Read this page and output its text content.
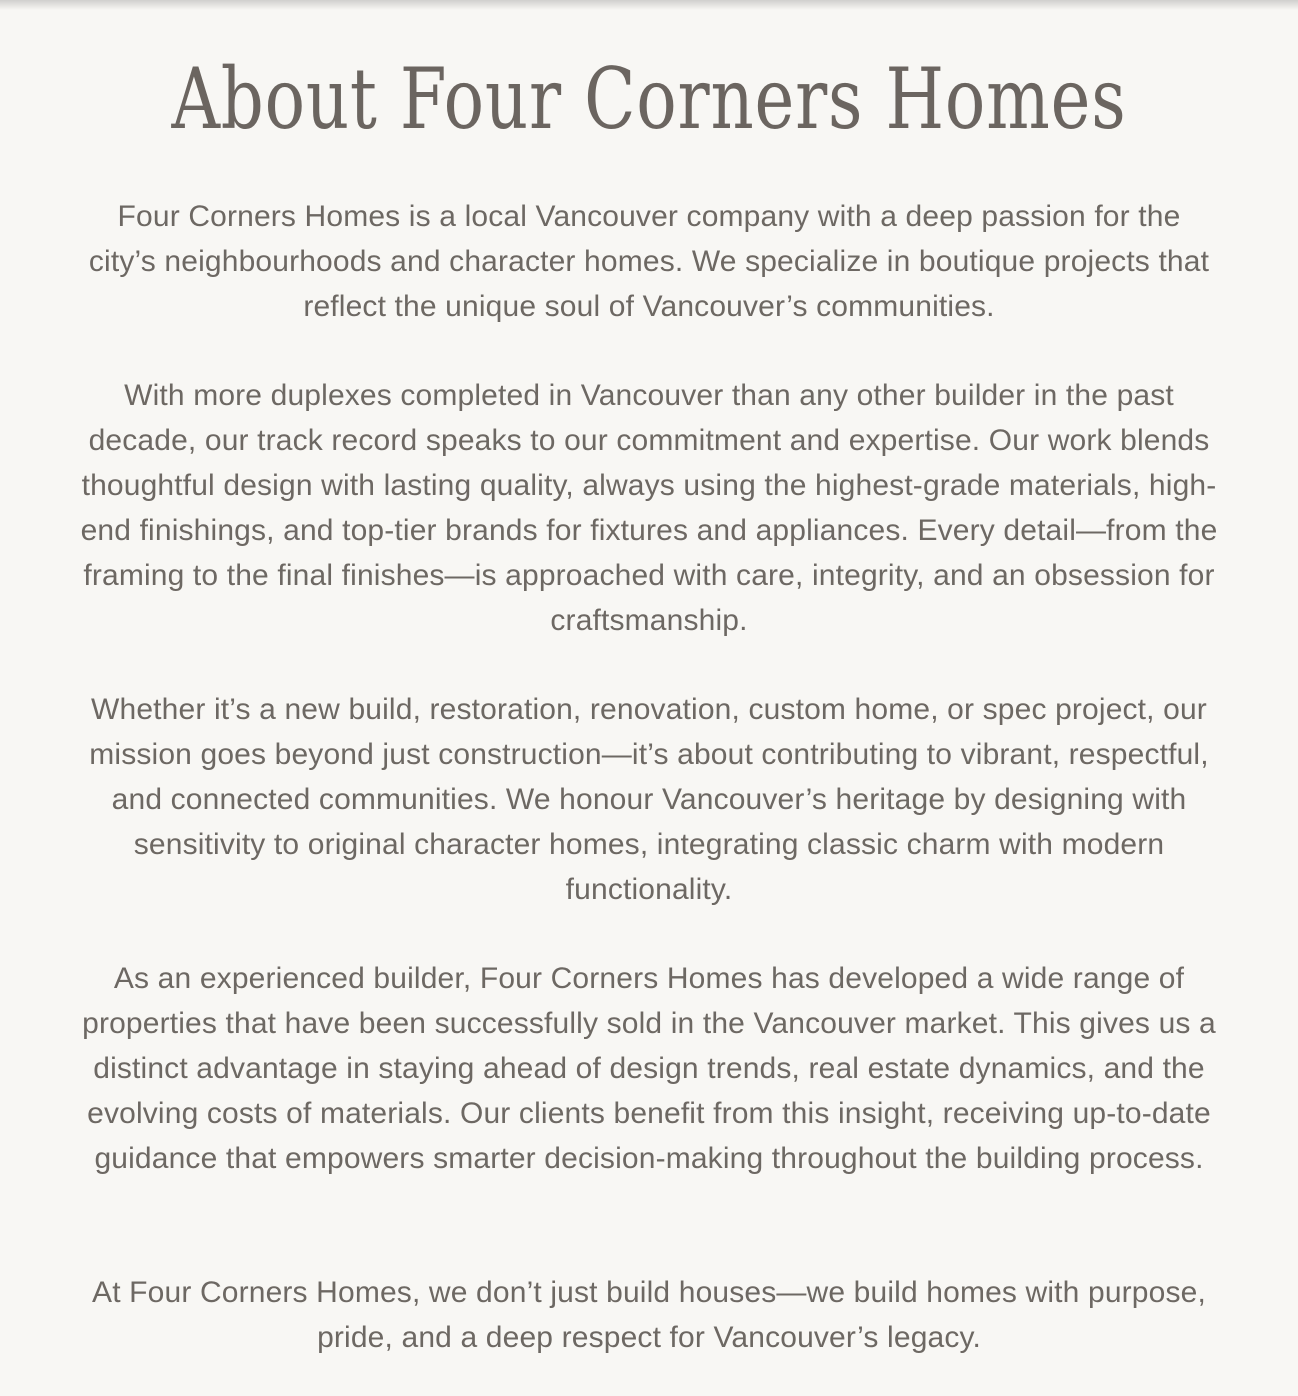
About Four Corners Homes

Four Corners Homes is a local Vancouver company with a deep passion for the city’s neighbourhoods and character homes. We specialize in boutique projects that reflect the unique soul of Vancouver’s communities.

With more duplexes completed in Vancouver than any other builder in the past decade, our track record speaks to our commitment and expertise. Our work blends thoughtful design with lasting quality, always using the highest-grade materials, high-end finishings, and top-tier brands for fixtures and appliances. Every detail—from the framing to the final finishes—is approached with care, integrity, and an obsession for craftsmanship.

Whether it’s a new build, restoration, renovation, custom home, or spec project, our mission goes beyond just construction—it’s about contributing to vibrant, respectful, and connected communities. We honour Vancouver’s heritage by designing with sensitivity to original character homes, integrating classic charm with modern functionality.

As an experienced builder, Four Corners Homes has developed a wide range of properties that have been successfully sold in the Vancouver market. This gives us a distinct advantage in staying ahead of design trends, real estate dynamics, and the evolving costs of materials. Our clients benefit from this insight, receiving up-to-date guidance that empowers smarter decision-making throughout the building process.

At Four Corners Homes, we don’t just build houses—we build homes with purpose, pride, and a deep respect for Vancouver’s legacy.
